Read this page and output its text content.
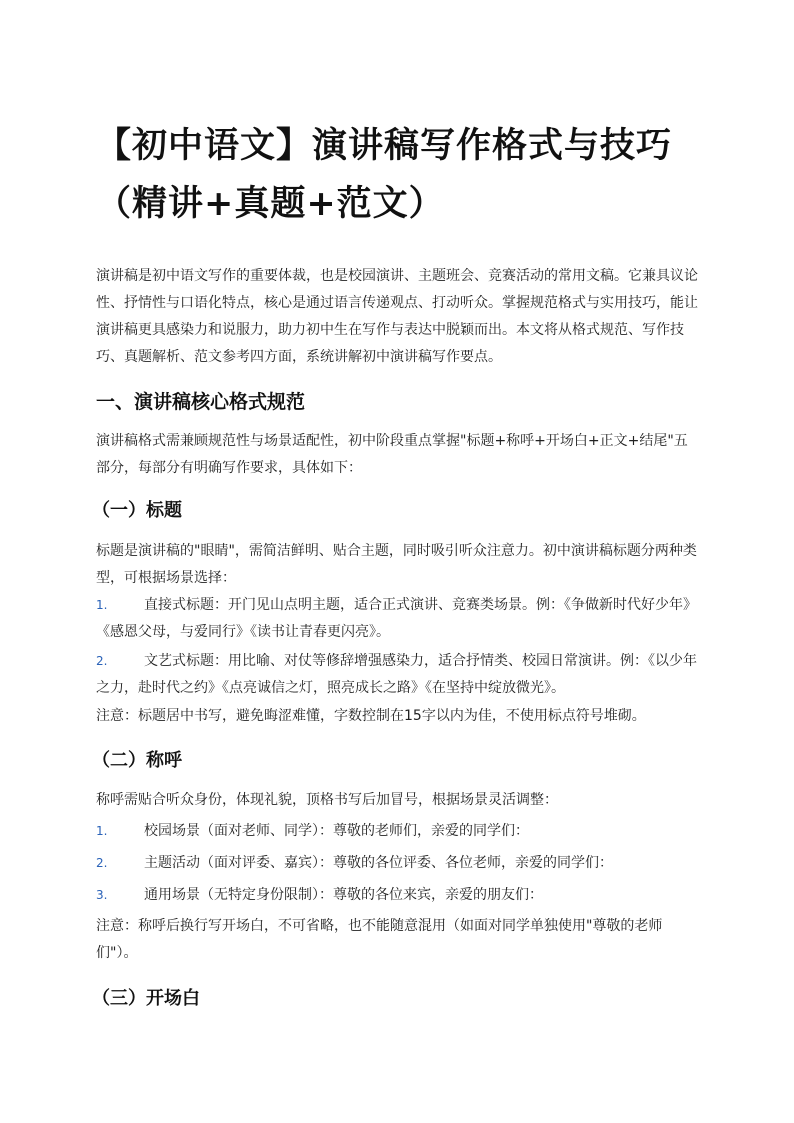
【初中语文】演讲稿写作格式与技巧（精讲+真题+范文）

演讲稿是初中语文写作的重要体裁，也是校园演讲、主题班会、竞赛活动的常用文稿。它兼具议论性、抒情性与口语化特点，核心是通过语言传递观点、打动听众。掌握规范格式与实用技巧，能让演讲稿更具感染力和说服力，助力初中生在写作与表达中脱颖而出。本文将从格式规范、写作技巧、真题解析、范文参考四方面，系统讲解初中演讲稿写作要点。

一、演讲稿核心格式规范

演讲稿格式需兼顾规范性与场景适配性，初中阶段重点掌握"标题+称呼+开场白+正文+结尾"五部分，每部分有明确写作要求，具体如下：

（一）标题

标题是演讲稿的"眼睛"，需简洁鲜明、贴合主题，同时吸引听众注意力。初中演讲稿标题分两种类型，可根据场景选择：

1.	直接式标题：开门见山点明主题，适合正式演讲、竞赛类场景。例：《争做新时代好少年》《感恩父母，与爱同行》《读书让青春更闪亮》。
2.	文艺式标题：用比喻、对仗等修辞增强感染力，适合抒情类、校园日常演讲。例：《以少年之力，赴时代之约》《点亮诚信之灯，照亮成长之路》《在坚持中绽放微光》。

注意：标题居中书写，避免晦涩难懂，字数控制在15字以内为佳，不使用标点符号堆砌。

（二）称呼

称呼需贴合听众身份，体现礼貌，顶格书写后加冒号，根据场景灵活调整：

1.	校园场景（面对老师、同学）：尊敬的老师们，亲爱的同学们：
2.	主题活动（面对评委、嘉宾）：尊敬的各位评委、各位老师，亲爱的同学们：
3.	通用场景（无特定身份限制）：尊敬的各位来宾，亲爱的朋友们：

注意：称呼后换行写开场白，不可省略，也不能随意混用（如面对同学单独使用"尊敬的老师们"）。

（三）开场白
